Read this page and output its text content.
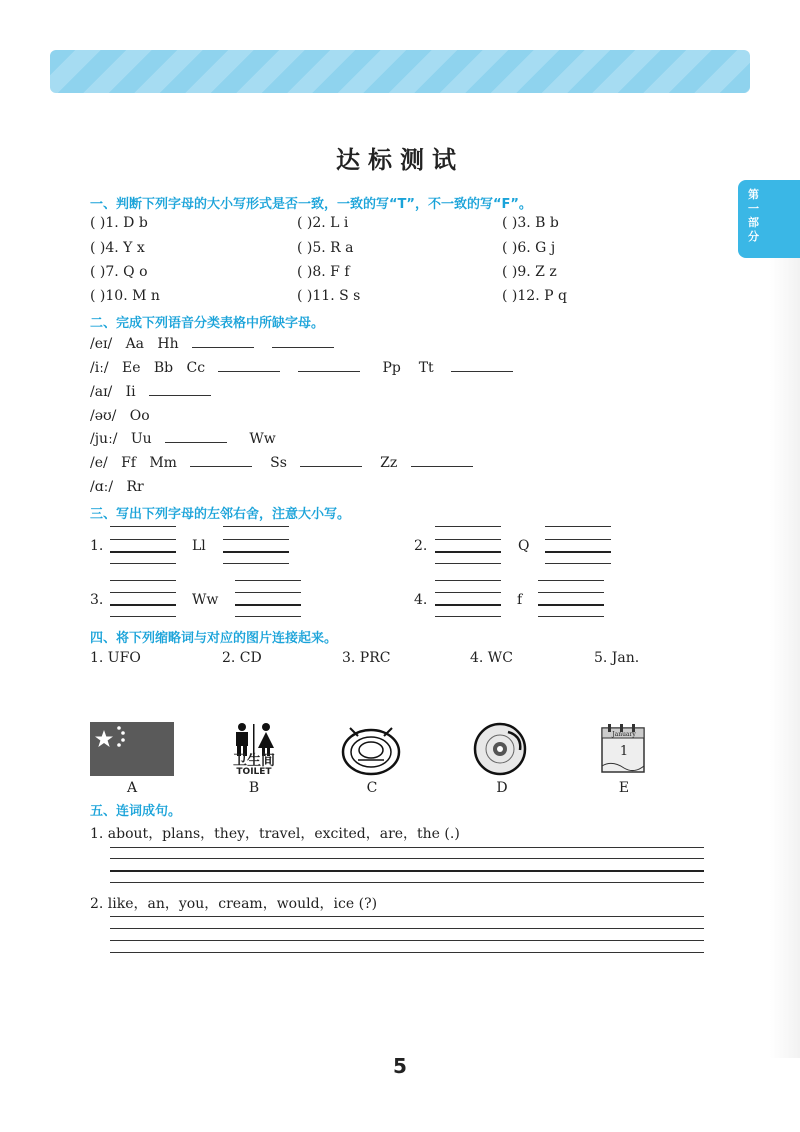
第一部分 字 母
第一部分
达标测试
一、判断下列字母的大小写形式是否一致，一致的写“T”，不一致的写“F”。
( )1. D b	( )2. L i	( )3. B b
( )4. Y x	( )5. R a	( )6. G j
( )7. Q o	( )8. F f	( )9. Z z
( )10. M n	( )11. S s	( )12. P q
二、完成下列语音分类表格中所缺字母。
/eɪ/ Aa Hh
/iː/ Ee Bb Cc	Pp Tt
/aɪ/ Ii
/əʊ/ Oo
/juː/ Uu	Ww
/e/ Ff Mm	Ss	Zz
/ɑː/ Rr
三、写出下列字母的左邻右舍，注意大小写。
1.	Ll	2.	Q
3.	Ww	4.	f
四、将下列缩略词与对应的图片连接起来。
1. UFO	2. CD	3. PRC	4. WC	5. Jan.
A
卫生间
TOILET
B	C	D
January
1
E
五、连词成句。
1. about，plans，they，travel，excited，are，the (.)
2. like，an，you，cream，would，ice (?)
5
